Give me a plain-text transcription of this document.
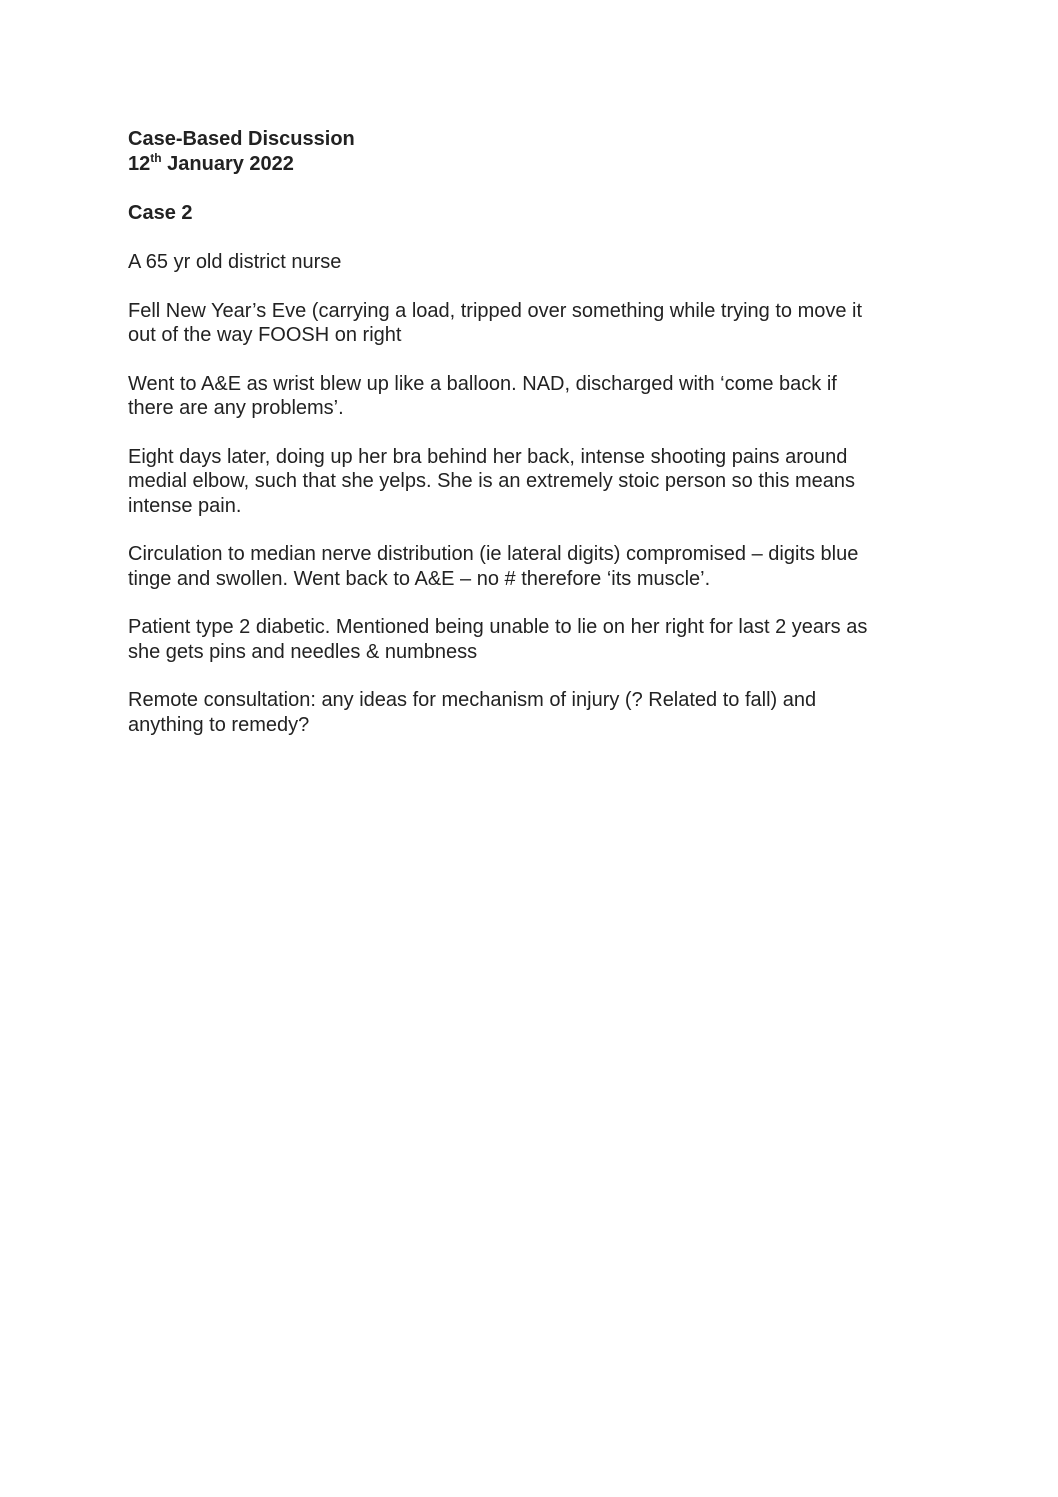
Case-Based Discussion

12th January 2022

Case 2

A 65 yr old district nurse

Fell New Year’s Eve (carrying a load, tripped over something while trying to move it
out of the way FOOSH on right

Went to A&E as wrist blew up like a balloon. NAD, discharged with ‘come back if
there are any problems’.

Eight days later, doing up her bra behind her back, intense shooting pains around
medial elbow, such that she yelps. She is an extremely stoic person so this means
intense pain.

Circulation to median nerve distribution (ie lateral digits) compromised – digits blue
tinge and swollen. Went back to A&E – no # therefore ‘its muscle’.

Patient type 2 diabetic. Mentioned being unable to lie on her right for last 2 years as
she gets pins and needles & numbness

Remote consultation: any ideas for mechanism of injury (? Related to fall) and
anything to remedy?
